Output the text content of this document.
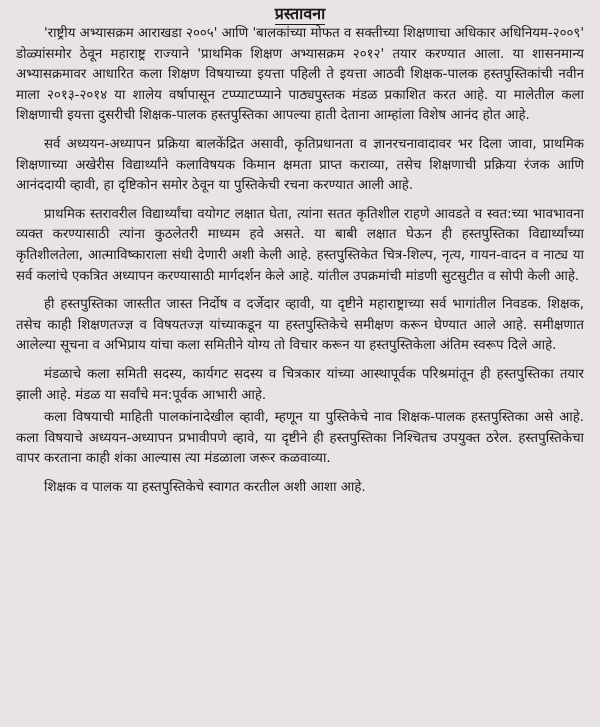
प्रस्तावना

'राष्ट्रीय अभ्यासक्रम आराखडा २००५' आणि 'बालकांच्या मोफत व सक्तीच्या शिक्षणाचा अधिकार अधिनियम-२००९' डोळ्यांसमोर ठेवून महाराष्ट्र राज्याने 'प्राथमिक शिक्षण अभ्यासक्रम २०१२' तयार करण्यात आला. या शासनमान्य अभ्यासक्रमावर आधारित कला शिक्षण विषयाच्या इयत्ता पहिली ते इयत्ता आठवी शिक्षक-पालक हस्तपुस्तिकांची नवीन माला २०१३-२०१४ या शालेय वर्षापासून टप्प्याटप्प्याने पाठ्यपुस्तक मंडळ प्रकाशित करत आहे. या मालेतील कला शिक्षणाची इयत्ता दुसरीची शिक्षक-पालक हस्तपुस्तिका आपल्या हाती देताना आम्हांला विशेष आनंद होत आहे.

सर्व अध्ययन-अध्यापन प्रक्रिया बालकेंद्रित असावी, कृतिप्रधानता व ज्ञानरचनावादावर भर दिला जावा, प्राथमिक शिक्षणाच्या अखेरीस विद्यार्थ्यांने कलाविषयक किमान क्षमता प्राप्त कराव्या, तसेच शिक्षणाची प्रक्रिया रंजक आणि आनंददायी व्हावी, हा दृष्टिकोन समोर ठेवून या पुस्तिकेची रचना करण्यात आली आहे.

प्राथमिक स्तरावरील विद्यार्थ्यांचा वयोगट लक्षात घेता, त्यांना सतत कृतिशील राहणे आवडते व स्वत:च्या भावभावना व्यक्त करण्यासाठी त्यांना कुठलेतरी माध्यम हवे असते. या बाबी लक्षात घेऊन ही हस्तपुस्तिका विद्यार्थ्यांच्या कृतिशीलतेला, आत्माविष्काराला संधी देणारी अशी केली आहे. हस्तपुस्तिकेत चित्र-शिल्प, नृत्य, गायन-वादन व नाट्य या सर्व कलांचे एकत्रित अध्यापन करण्यासाठी मार्गदर्शन केले आहे. यांतील उपक्रमांची मांडणी सुटसुटीत व सोपी केली आहे.

ही हस्तपुस्तिका जास्तीत जास्त निर्दोष व दर्जेदार व्हावी, या दृष्टीने महाराष्ट्राच्या सर्व भागांतील निवडक. शिक्षक, तसेच काही शिक्षणतज्ज्ञ व विषयतज्ज्ञ यांच्याकडून या हस्तपुस्तिकेचे समीक्षण करून घेण्यात आले आहे. समीक्षणात आलेल्या सूचना व अभिप्राय यांचा कला समितीने योग्य तो विचार करून या हस्तपुस्तिकेला अंतिम स्वरूप दिले आहे.

मंडळाचे कला समिती सदस्य, कार्यगट सदस्य व चित्रकार यांच्या आस्थापूर्वक परिश्रमांतून ही हस्तपुस्तिका तयार झाली आहे. मंडळ या सर्वांचे मन:पूर्वक आभारी आहे.

कला विषयाची माहिती पालकांनादेखील व्हावी, म्हणून या पुस्तिकेचे नाव शिक्षक-पालक हस्तपुस्तिका असे आहे. कला विषयाचे अध्ययन-अध्यापन प्रभावीपणे व्हावे, या दृष्टीने ही हस्तपुस्तिका निश्चितच उपयुक्त ठरेल. हस्तपुस्तिकेचा वापर करताना काही शंका आल्यास त्या मंडळाला जरूर कळवाव्या.

शिक्षक व पालक या हस्तपुस्तिकेचे स्वागत करतील अशी आशा आहे.
